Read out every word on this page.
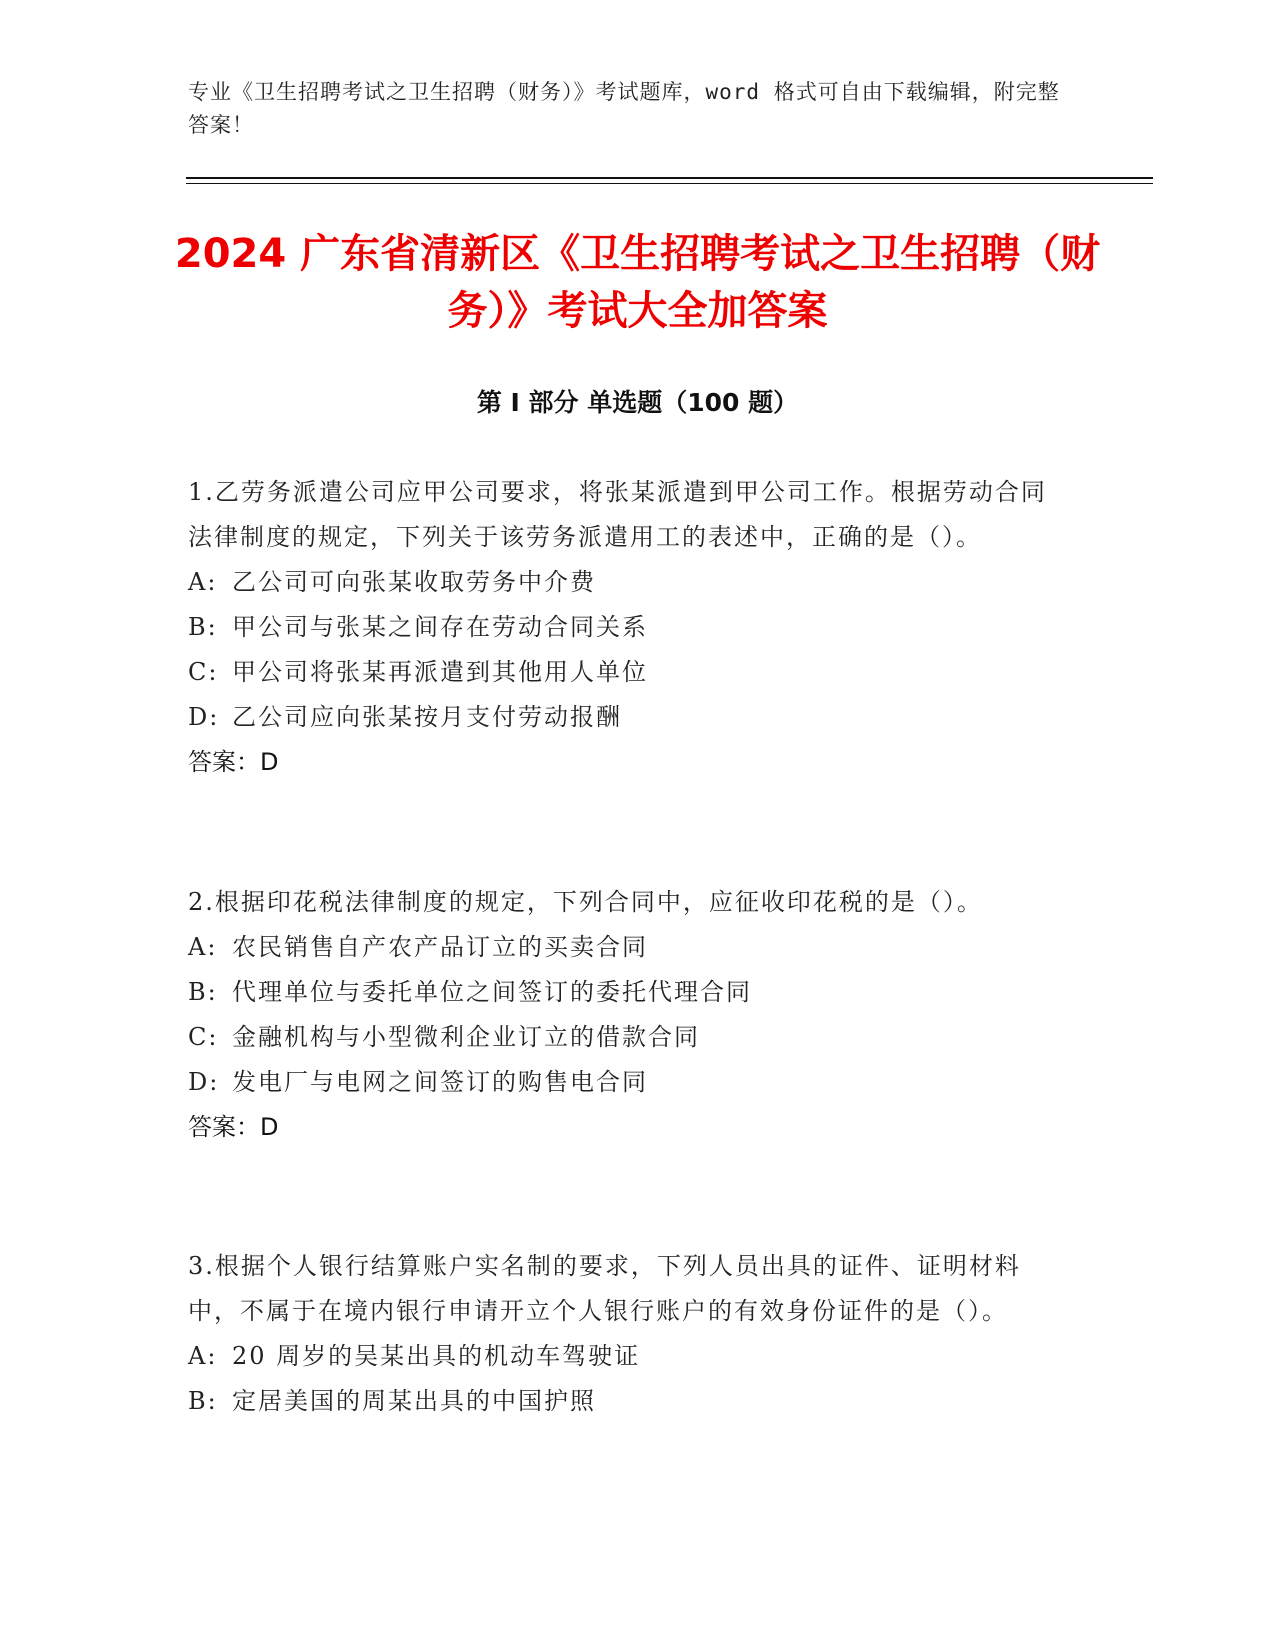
专业《卫生招聘考试之卫生招聘（财务）》考试题库，word 格式可自由下载编辑，附完整答案！
2024 广东省清新区《卫生招聘考试之卫生招聘（财务）》考试大全加答案
第 I 部分 单选题（100 题）

1.乙劳务派遣公司应甲公司要求，将张某派遣到甲公司工作。根据劳动合同法律制度的规定，下列关于该劳务派遣用工的表述中，正确的是（）。

A: 乙公司可向张某收取劳务中介费

B: 甲公司与张某之间存在劳动合同关系

C: 甲公司将张某再派遣到其他用人单位

D: 乙公司应向张某按月支付劳动报酬

答案：D

2.根据印花税法律制度的规定，下列合同中，应征收印花税的是（）。

A: 农民销售自产农产品订立的买卖合同

B: 代理单位与委托单位之间签订的委托代理合同

C: 金融机构与小型微利企业订立的借款合同

D: 发电厂与电网之间签订的购售电合同

答案：D

3.根据个人银行结算账户实名制的要求，下列人员出具的证件、证明材料中，不属于在境内银行申请开立个人银行账户的有效身份证件的是（）。

A: 20 周岁的吴某出具的机动车驾驶证

B: 定居美国的周某出具的中国护照
